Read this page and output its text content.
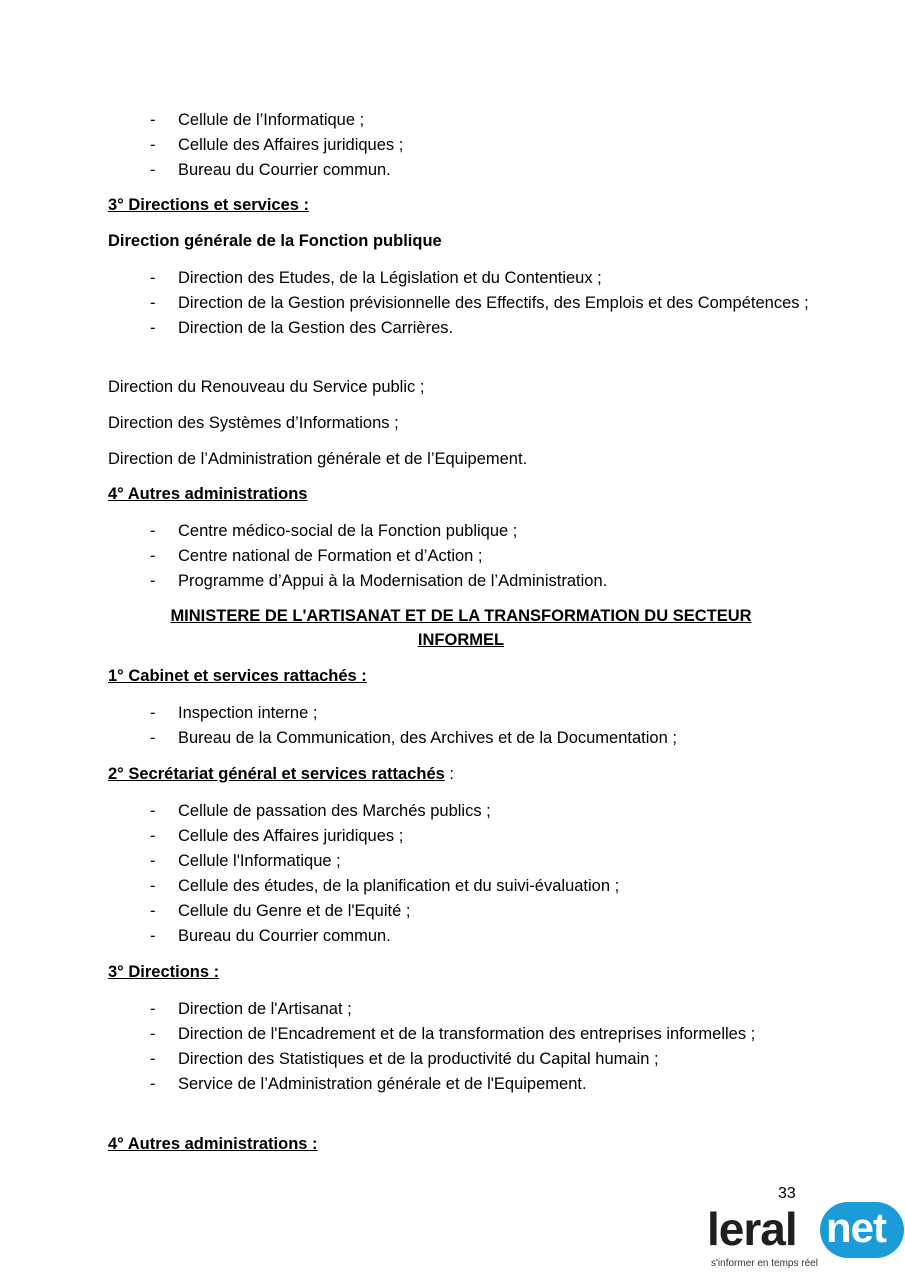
- Cellule de l’Informatique ;
- Cellule des Affaires juridiques ;
- Bureau du Courrier commun.

3° Directions et services :

Direction générale de la Fonction publique

- Direction des Etudes, de la Législation et du Contentieux ;
- Direction de la Gestion prévisionnelle des Effectifs, des Emplois et des Compétences ;
- Direction de la Gestion des Carrières.

Direction du Renouveau du Service public ;

Direction des Systèmes d’Informations ;

Direction de l’Administration générale et de l’Equipement.

4° Autres administrations

- Centre médico-social de la Fonction publique ;
- Centre national de Formation et d’Action ;
- Programme d’Appui à la Modernisation de l’Administration.

MINISTERE DE L'ARTISANAT ET DE LA TRANSFORMATION DU SECTEUR
INFORMEL

1° Cabinet et services rattachés :

- Inspection interne ;
- Bureau de la Communication, des Archives et de la Documentation ;

2° Secrétariat général et services rattachés :

- Cellule de passation des Marchés publics ;
- Cellule des Affaires juridiques ;
- Cellule l'Informatique ;
- Cellule des études, de la planification et du suivi-évaluation ;
- Cellule du Genre et de l'Equité ;
- Bureau du Courrier commun.

3° Directions :

- Direction de l'Artisanat ;
- Direction de l'Encadrement et de la transformation des entreprises informelles ;
- Direction des Statistiques et de la productivité du Capital humain ;
- Service de l’Administration générale et de l'Equipement.

4° Autres administrations :

33
leral net
s'informer en temps réel
